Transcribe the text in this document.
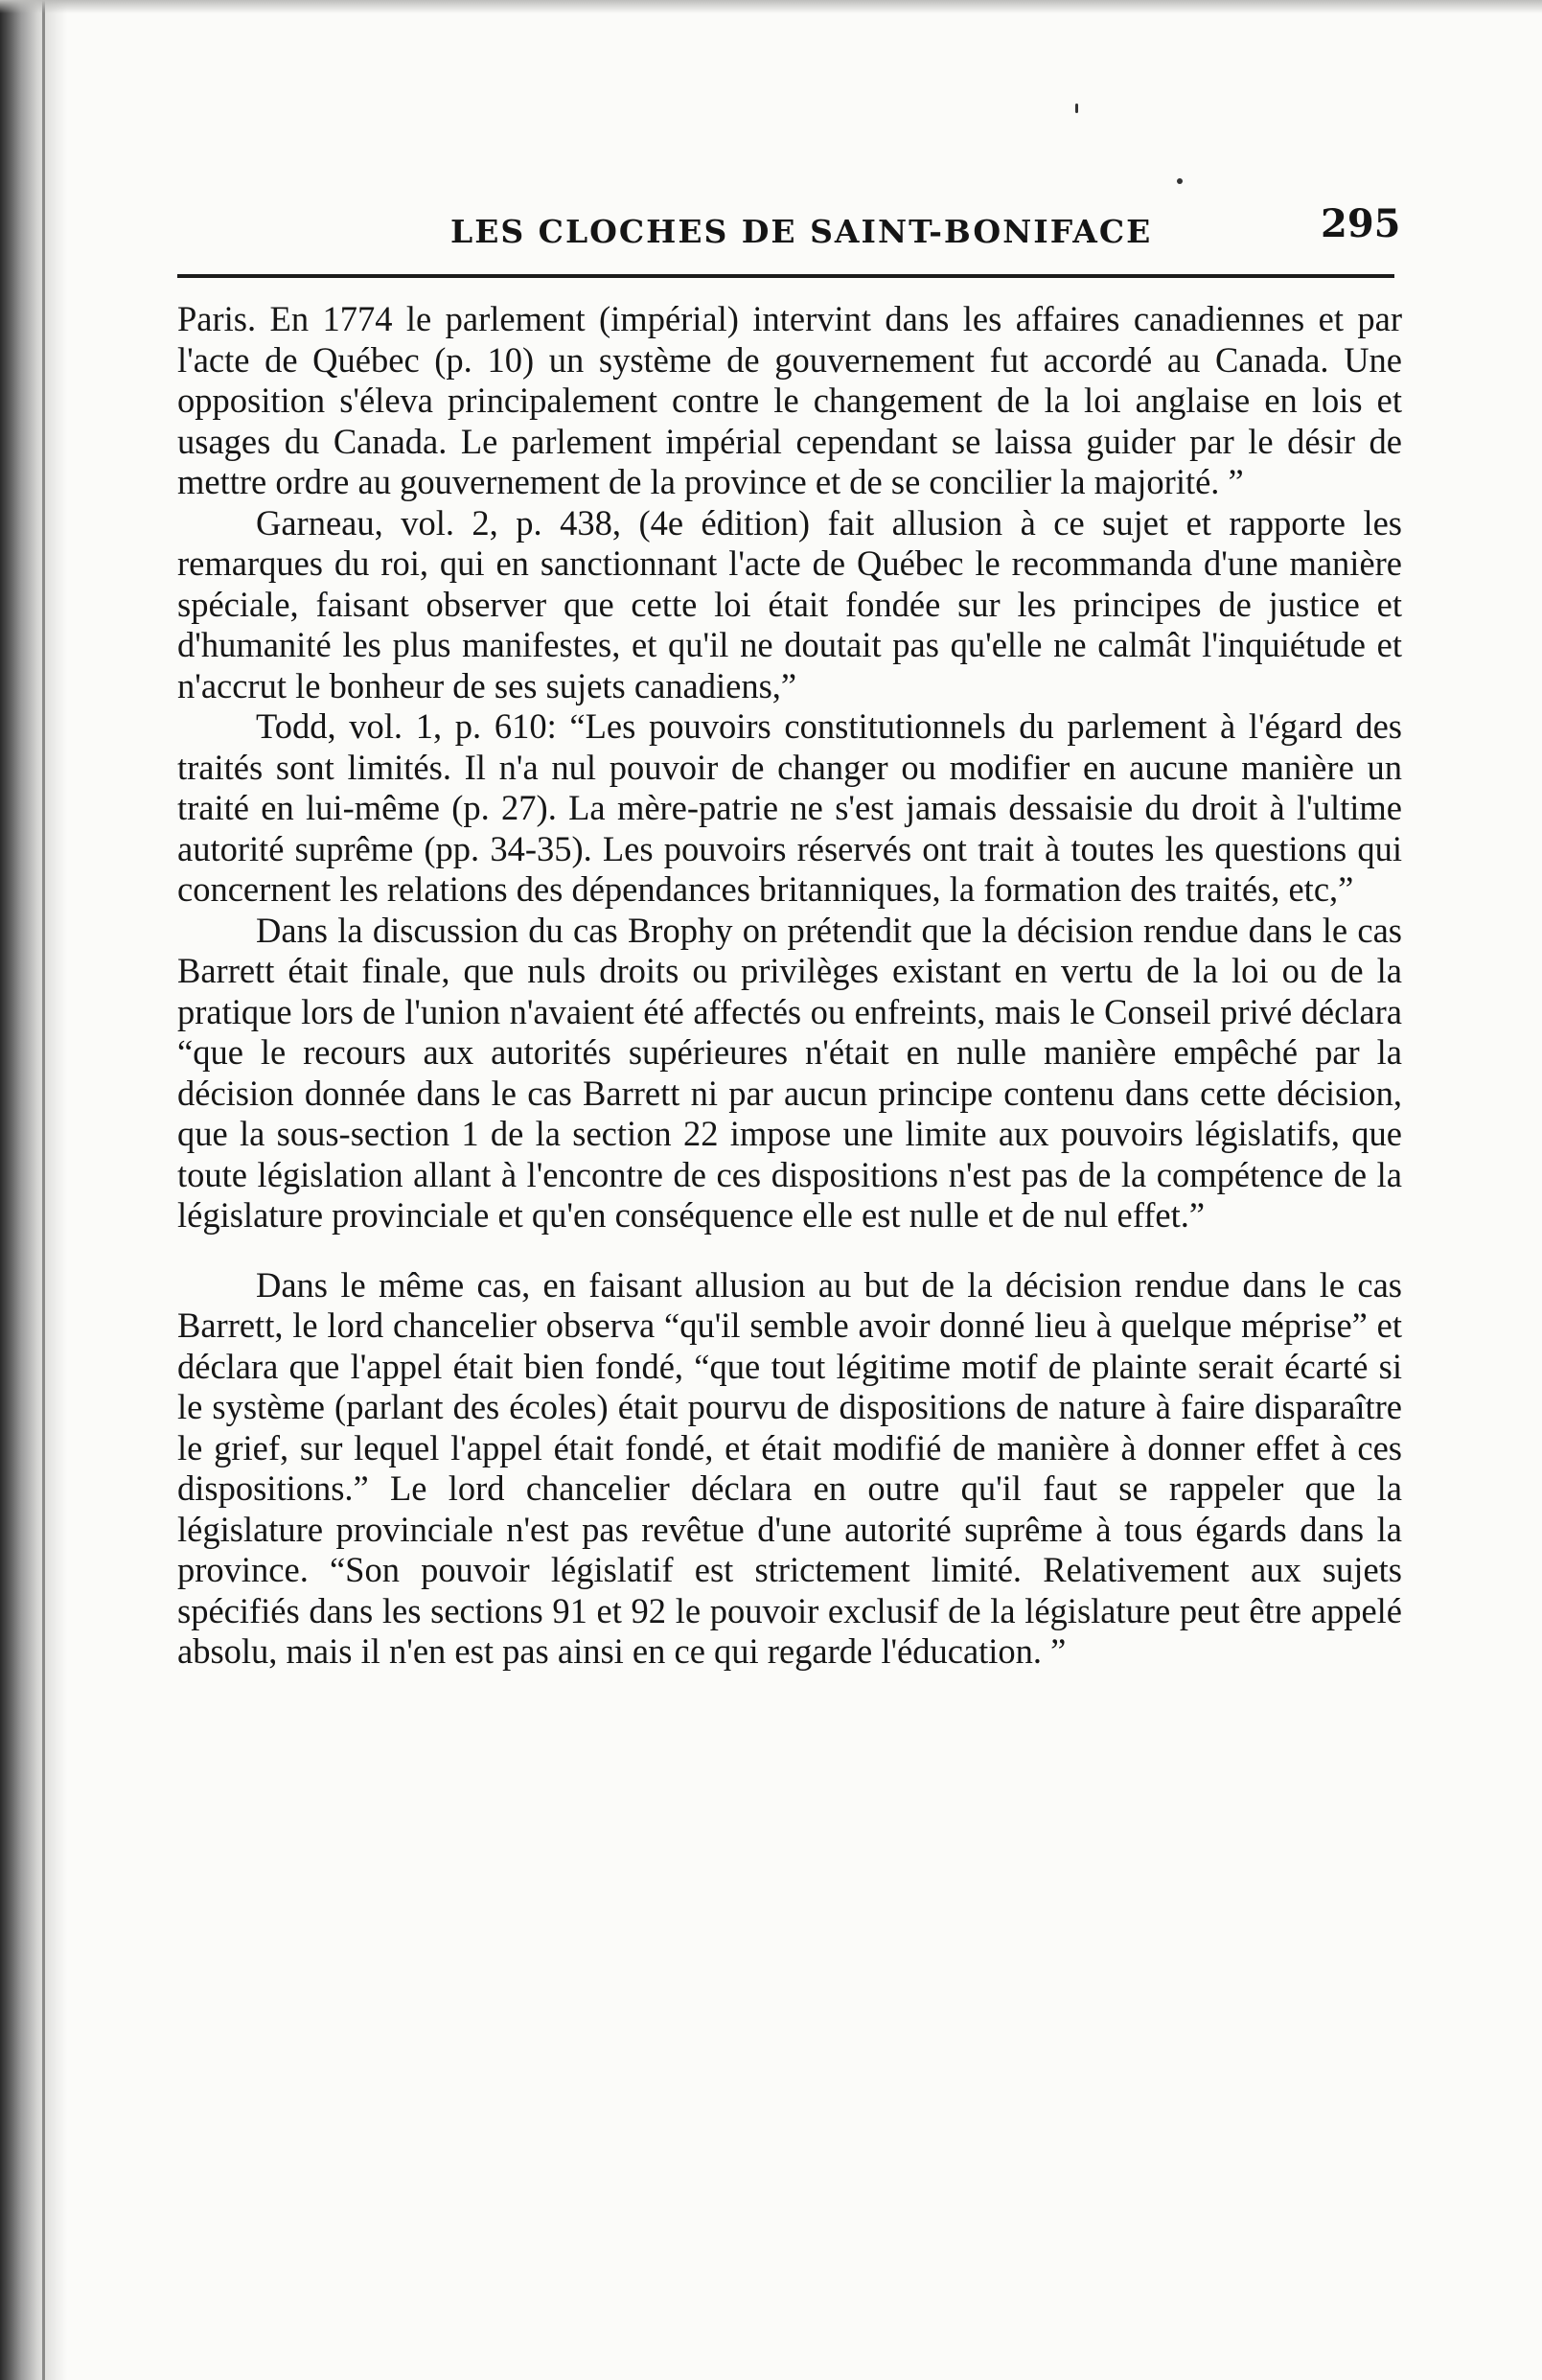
LES CLOCHES DE SAINT-BONIFACE	295

Paris. En 1774 le parlement (impérial) intervint dans les affaires canadiennes et par l'acte de Québec (p. 10) un système de gouvernement fut accordé au Canada. Une opposition s'éleva principalement contre le changement de la loi anglaise en lois et usages du Canada. Le parlement impérial cependant se laissa guider par le désir de mettre ordre au gouvernement de la province et de se concilier la majorité. ”

Garneau, vol. 2, p. 438, (4e édition) fait allusion à ce sujet et rapporte les remarques du roi, qui en sanctionnant l'acte de Québec le recommanda d'une manière spéciale, faisant observer que cette loi était fondée sur les principes de justice et d'humanité les plus manifestes, et qu'il ne doutait pas qu'elle ne calmât l'inquiétude et n'accrut le bonheur de ses sujets canadiens,”

Todd, vol. 1, p. 610: “Les pouvoirs constitutionnels du parlement à l'égard des traités sont limités. Il n'a nul pouvoir de changer ou modifier en aucune manière un traité en lui-même (p. 27). La mère-patrie ne s'est jamais dessaisie du droit à l'ultime autorité suprême (pp. 34-35). Les pouvoirs réservés ont trait à toutes les questions qui concernent les relations des dépendances britanniques, la formation des traités, etc,”

Dans la discussion du cas Brophy on prétendit que la décision rendue dans le cas Barrett était finale, que nuls droits ou privilèges existant en vertu de la loi ou de la pratique lors de l'union n'avaient été affectés ou enfreints, mais le Conseil privé déclara “que le recours aux autorités supérieures n'était en nulle manière empêché par la décision donnée dans le cas Barrett ni par aucun principe contenu dans cette décision, que la sous-section 1 de la section 22 impose une limite aux pouvoirs législatifs, que toute législation allant à l'encontre de ces dispositions n'est pas de la compétence de la législature provinciale et qu'en conséquence elle est nulle et de nul effet.”

Dans le même cas, en faisant allusion au but de la décision rendue dans le cas Barrett, le lord chancelier observa “qu'il semble avoir donné lieu à quelque méprise” et déclara que l'appel était bien fondé, “que tout légitime motif de plainte serait écarté si le système (parlant des écoles) était pourvu de dispositions de nature à faire disparaître le grief, sur lequel l'appel était fondé, et était modifié de manière à donner effet à ces dispositions.” Le lord chancelier déclara en outre qu'il faut se rappeler que la législature provinciale n'est pas revêtue d'une autorité suprême à tous égards dans la province. “Son pouvoir législatif est strictement limité. Relativement aux sujets spécifiés dans les sections 91 et 92 le pouvoir exclusif de la législature peut être appelé absolu, mais il n'en est pas ainsi en ce qui regarde l'éducation. ”
